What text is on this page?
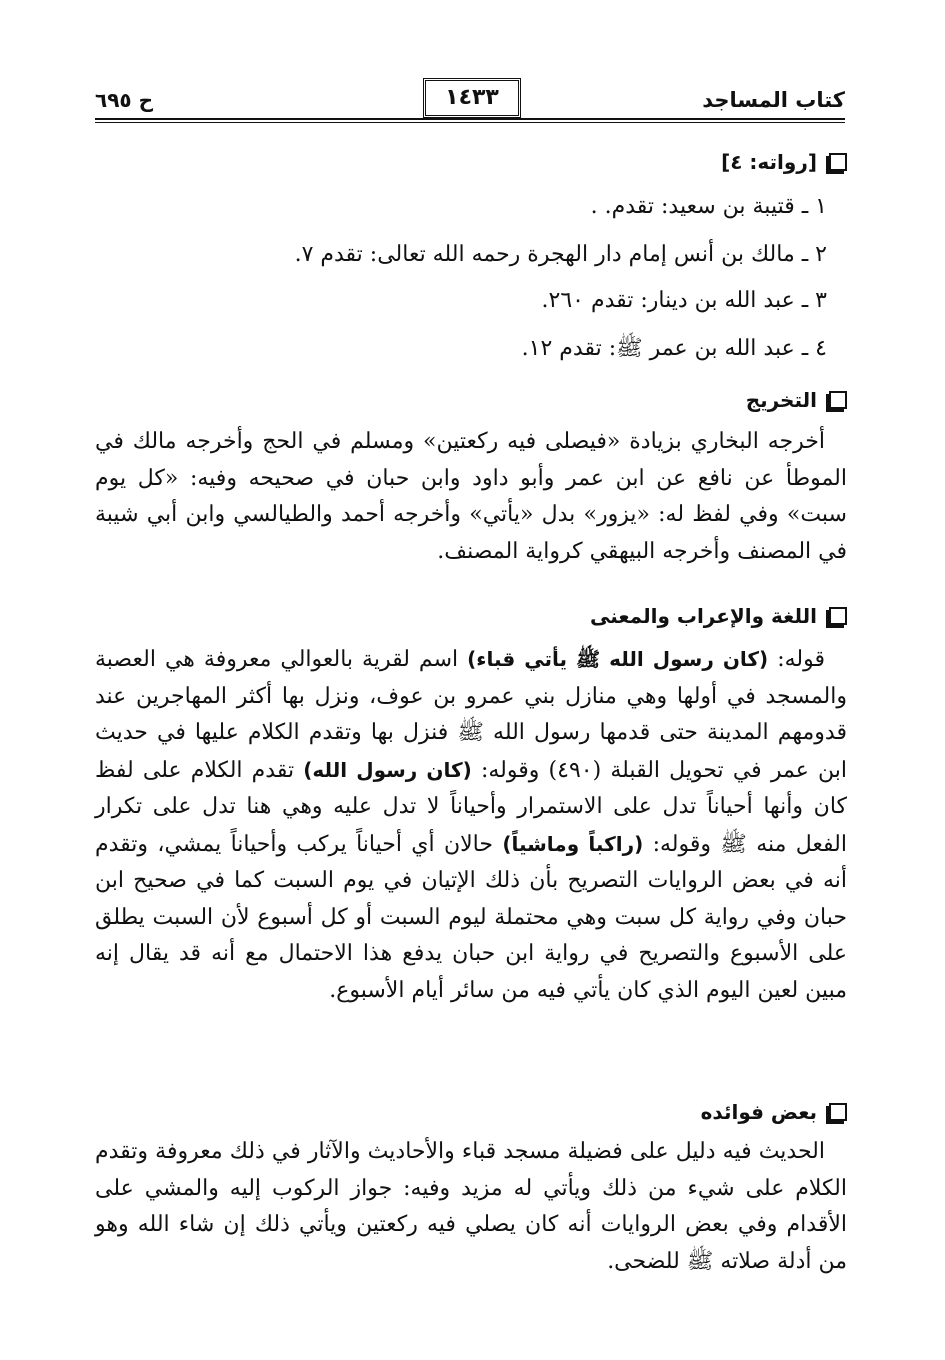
كتاب المساجد
١٤٣٣
ح ٦٩٥
[رواته: ٤]
١ ـ قتيبة بن سعيد: تقدم. .
٢ ـ مالك بن أنس إمام دار الهجرة رحمه الله تعالى: تقدم ٧.
٣ ـ عبد الله بن دينار: تقدم ٢٦٠.
٤ ـ عبد الله بن عمر ﷺ: تقدم ١٢.
التخريج

أخرجه البخاري بزيادة «فيصلى فيه ركعتين» ومسلم في الحج وأخرجه مالك في الموطأ عن نافع عن ابن عمر وأبو داود وابن حبان في صحيحه وفيه: «كل يوم سبت» وفي لفظ له: «يزور» بدل «يأتي» وأخرجه أحمد والطيالسي وابن أبي شيبة في المصنف وأخرجه البيهقي كرواية المصنف.

اللغة والإعراب والمعنى

قوله: (كان رسول الله ﷺ يأتي قباء) اسم لقرية بالعوالي معروفة هي العصبة والمسجد في أولها وهي منازل بني عمرو بن عوف، ونزل بها أكثر المهاجرين عند قدومهم المدينة حتى قدمها رسول الله ﷺ فنزل بها وتقدم الكلام عليها في حديث ابن عمر في تحويل القبلة (٤٩٠) وقوله: (كان رسول الله) تقدم الكلام على لفظ كان وأنها أحياناً تدل على الاستمرار وأحياناً لا تدل عليه وهي هنا تدل على تكرار الفعل منه ﷺ وقوله: (راكباً وماشياً) حالان أي أحياناً يركب وأحياناً يمشي، وتقدم أنه في بعض الروايات التصريح بأن ذلك الإتيان في يوم السبت كما في صحيح ابن حبان وفي رواية كل سبت وهي محتملة ليوم السبت أو كل أسبوع لأن السبت يطلق على الأسبوع والتصريح في رواية ابن حبان يدفع هذا الاحتمال مع أنه قد يقال إنه مبين لعين اليوم الذي كان يأتي فيه من سائر أيام الأسبوع.

بعض فوائده

الحديث فيه دليل على فضيلة مسجد قباء والأحاديث والآثار في ذلك معروفة وتقدم الكلام على شيء من ذلك ويأتي له مزيد وفيه: جواز الركوب إليه والمشي على الأقدام وفي بعض الروايات أنه كان يصلي فيه ركعتين ويأتي ذلك إن شاء الله وهو من أدلة صلاته ﷺ للضحى.
